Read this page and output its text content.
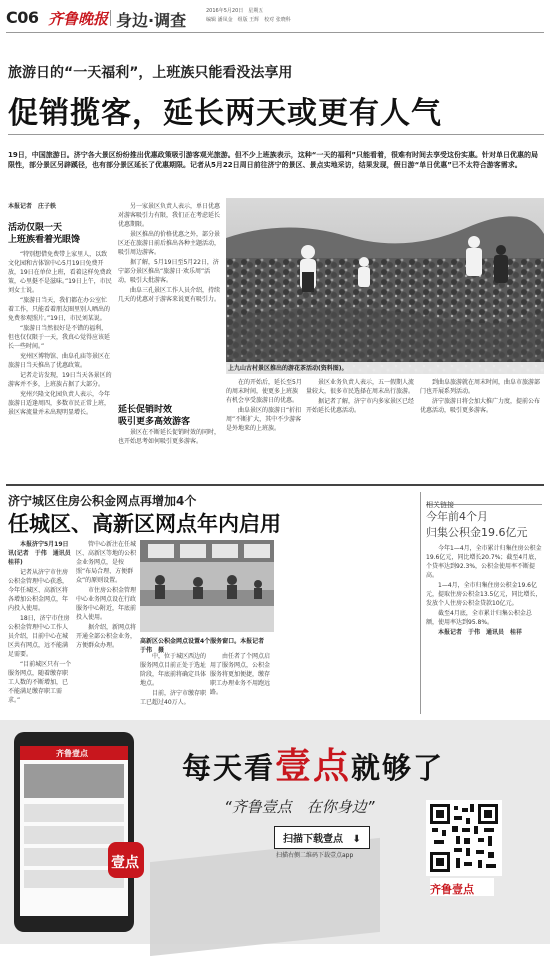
C06 齐鲁晚报 身边·调查	2016年5月20日　星期五
编辑 潘凤金　组版 王辉　校对 张晓科
旅游日的“一天福利”，上班族只能看没法享用
促销揽客，延长两天或更有人气
19日，中国旅游日。济宁各大景区纷纷推出优惠政策吸引游客观光旅游。但不少上班族表示，这种“一天的福利”只能看着，很难有时间去享受这份实惠。针对单日优惠的局限性，部分景区另辟蹊径，也有部分景区延长了优惠期限。记者从5月22日周日前往济宁的景区、景点实地采访，结果发现，假日游“单日优惠”已不太符合游客需求。
本报记者　庄子轶
活动仅限一天
上班族看着光眼馋

“特别想借免费带上家里人，以致文化园和古体馆中心5月19日免费开放，19日在单位上班，看着这样免费政策，心里挺不是滋味。”19日上午，市民刘女士说。

“旅游日当天，我们都在办公室忙着工作，只能看着朋友圈里别人晒出的免费参观照片。”19日，市民刘某说。

“旅游日当然很好是不错的福利，但也仅仅限于一天，我真心觉得应该延长一些时间。”

兖州区博物馆、曲阜孔庙等景区在旅游日当天推出了优惠政策。

记者走访发现，19日当天各景区的游客并不多，上班族占据了大部分。

兖州兴隆文化园负责人表示，今年旅游日适逢周四，多数市民正常上班，景区客流量并未出现明显增长。

另一家景区负责人表示，单日优惠对游客吸引力有限，我们正在考虑延长优惠期限。

景区推出的价格优惠之外，部分景区还在旅游日前后推出各种主题活动，吸引周边游客。

据了解，5月19日至5月22日，济宁部分景区推出“旅游日·欢乐周”活动，吸引大批游客。

曲阜三孔景区工作人员介绍，持续几天的优惠对于游客来说更有吸引力。

延长促销时效
吸引更多高效游客

景区在不断延长促销时效的同时，也开始思考如何吸引更多游客。

上九山古村景区推出的游花茶活动(资料图)。

在的开始后，延长至5月的周末时间，使更多上班族有机会享受旅游日的优惠。

曲阜景区的旅游日“折扣周”不断扩大，其中不少游客是外地来的上班族。

景区业务负责人表示，五一假期人流量较大，很多市民选择在周末出行旅游。

据记者了解，济宁市内多家景区已经开始延长优惠活动。

到曲阜旅游就在周末时间，曲阜市旅游部门也开展系列活动。

济宁旅游日将会加大推广力度，提前公布优惠活动，吸引更多游客。

济宁城区住房公积金网点再增加4个
任城区、高新区网点年内启用

本报济宁5月19日讯(记者　于伟　通讯员　桂祥)

记者从济宁市住房公积金管理中心获悉，今年任城区、高新区将各增加公积金网点，年内投入使用。

18日，济宁市住房公积金管理中心工作人员介绍，目前中心在城区共有网点，远不能满足需要。

“目前城区只有一个服务网点，随着缴存职工人数的不断增加，已不能满足缴存职工需求。”

管中心新注在任城区、高新区等地的公积金业务网点，是按照“布局合理、方便群众”的原则设置。

市住房公积金管理中心业务网点设在行政服务中心附近，年底前投入使用。

据介绍，新网点将开通全部公积金业务，方便群众办理。

高新区公积金网点设置4个服务窗口。本报记者　于伟　摄

中，位于城区西边的服务网点目前正处于选址阶段，年底前将确定具体地点。

目前，济宁市缴存职工已超过40万人。

由任者了个网点启用了服务网点，公积金服务将更加便捷，缴存职工办理业务不用跑远路。

相关链接
今年前4个月
归集公积金19.6亿元

今年1—4月，全市累计归集住房公积金19.6亿元，同比增长20.7%；截至4月底，个贷率达到92.3%，公积金使用率不断提高。

1—4月，全市归集住房公积金19.6亿元，提取住房公积金13.5亿元，同比增长，发放个人住房公积金贷款10亿元。

截至4月底，全市累计归集公积金总额，使用率达到95.8%。

本报记者　于伟　通讯员　桂祥

齐鲁壹点
壹点
每天看壹点就够了
“齐鲁壹点　在你身边”
扫描下载壹点 ⬇
扫描右侧二维码下载壹点app
齐鲁壹点
